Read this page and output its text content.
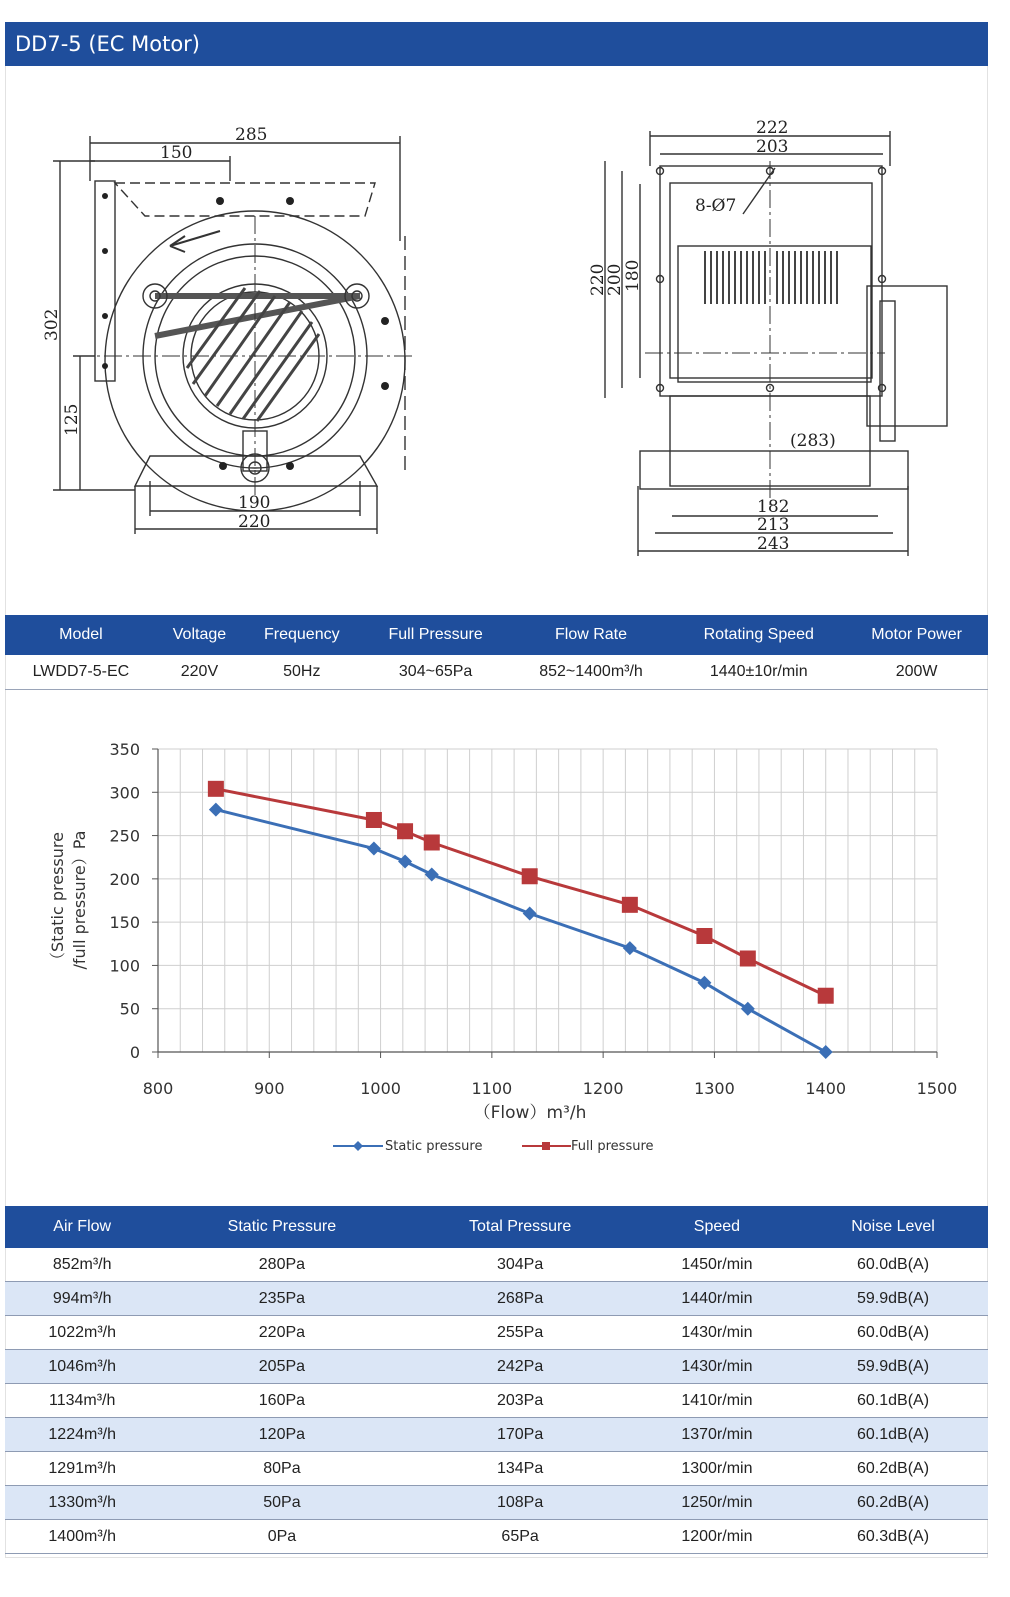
DD7-5 (EC Motor)
285
150
302
125
190
220
222
203
8-Ø7
220
200
180
(283)
182
213
243
Model	Voltage	Frequency	Full Pressure	Flow Rate	Rotating Speed	Motor Power
LWDD7-5-EC	220V	50Hz	304~65Pa	852~1400m³/h	1440±10r/min	200W
800	900	1000	1100	1200	1300	1400	1500
0
50
100
150
200
250
300
350
（Static pressure /full pressure）Pa
（Flow）m³/h
Static pressure	Full pressure
Air Flow	Static Pressure	Total Pressure	Speed	Noise Level
852m³/h	280Pa	304Pa	1450r/min	60.0dB(A)
994m³/h	235Pa	268Pa	1440r/min	59.9dB(A)
1022m³/h	220Pa	255Pa	1430r/min	60.0dB(A)
1046m³/h	205Pa	242Pa	1430r/min	59.9dB(A)
1134m³/h	160Pa	203Pa	1410r/min	60.1dB(A)
1224m³/h	120Pa	170Pa	1370r/min	60.1dB(A)
1291m³/h	80Pa	134Pa	1300r/min	60.2dB(A)
1330m³/h	50Pa	108Pa	1250r/min	60.2dB(A)
1400m³/h	0Pa	65Pa	1200r/min	60.3dB(A)
